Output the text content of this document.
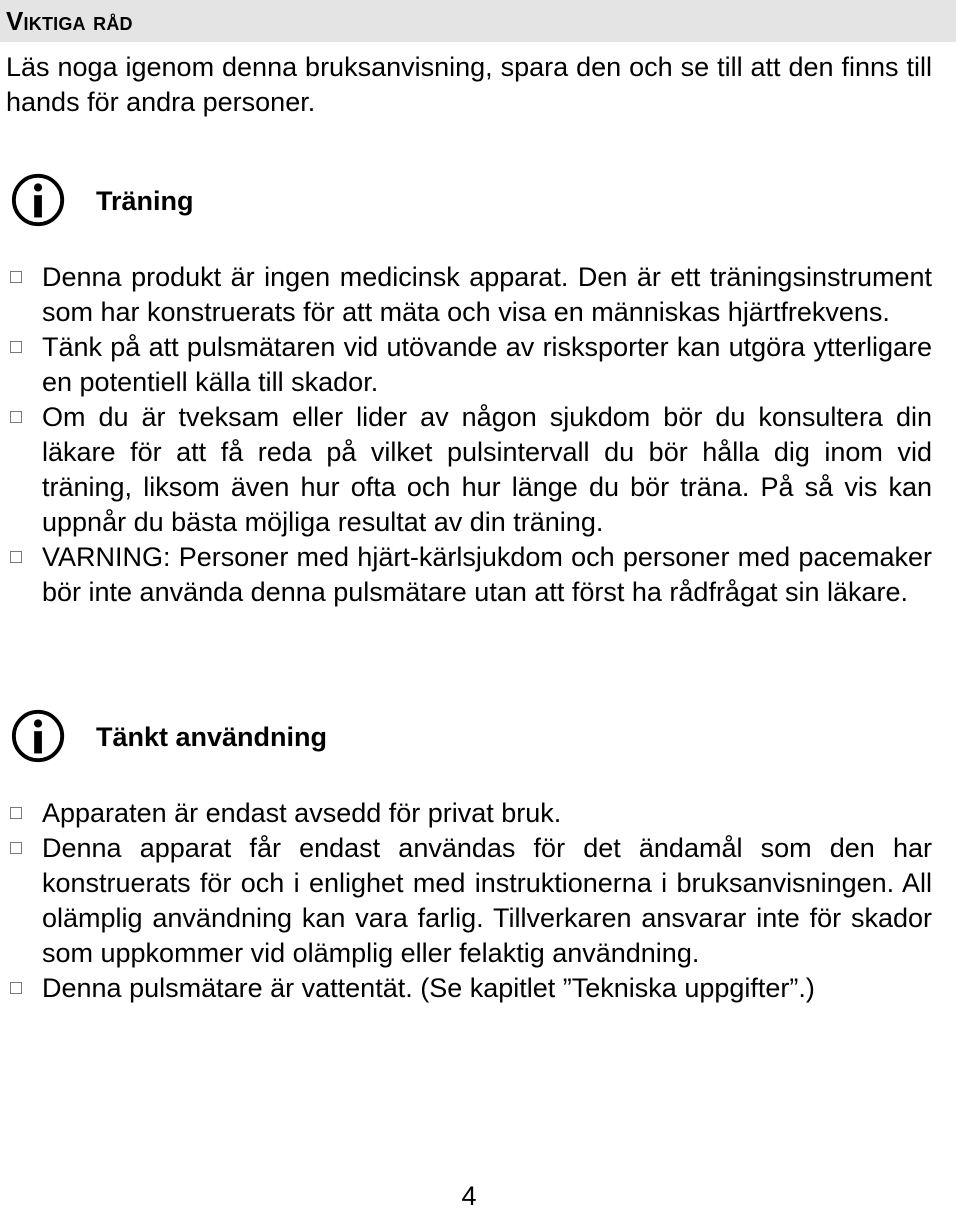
Viktiga råd
Läs noga igenom denna bruksanvisning, spara den och se till att den finns till hands för andra personer.
Träning
Denna produkt är ingen medicinsk apparat. Den är ett träningsinstrument som har konstruerats för att mäta och visa en människas hjärtfrekvens.
Tänk på att pulsmätaren vid utövande av risksporter kan utgöra ytterligare en potentiell källa till skador.
Om du är tveksam eller lider av någon sjukdom bör du konsultera din läkare för att få reda på vilket pulsintervall du bör hålla dig inom vid träning, liksom även hur ofta och hur länge du bör träna. På så vis kan uppnår du bästa möjliga resultat av din träning.
VARNING: Personer med hjärt-kärlsjukdom och personer med pacemaker bör inte använda denna pulsmätare utan att först ha rådfrågat sin läkare.
Tänkt användning
Apparaten är endast avsedd för privat bruk.
Denna apparat får endast användas för det ändamål som den har konstruerats för och i enlighet med instruktionerna i bruksanvisningen. All olämplig användning kan vara farlig. Tillverkaren ansvarar inte för skador som uppkommer vid olämplig eller felaktig användning.
Denna pulsmätare är vattentät. (Se kapitlet ”Tekniska uppgifter”.)
4
